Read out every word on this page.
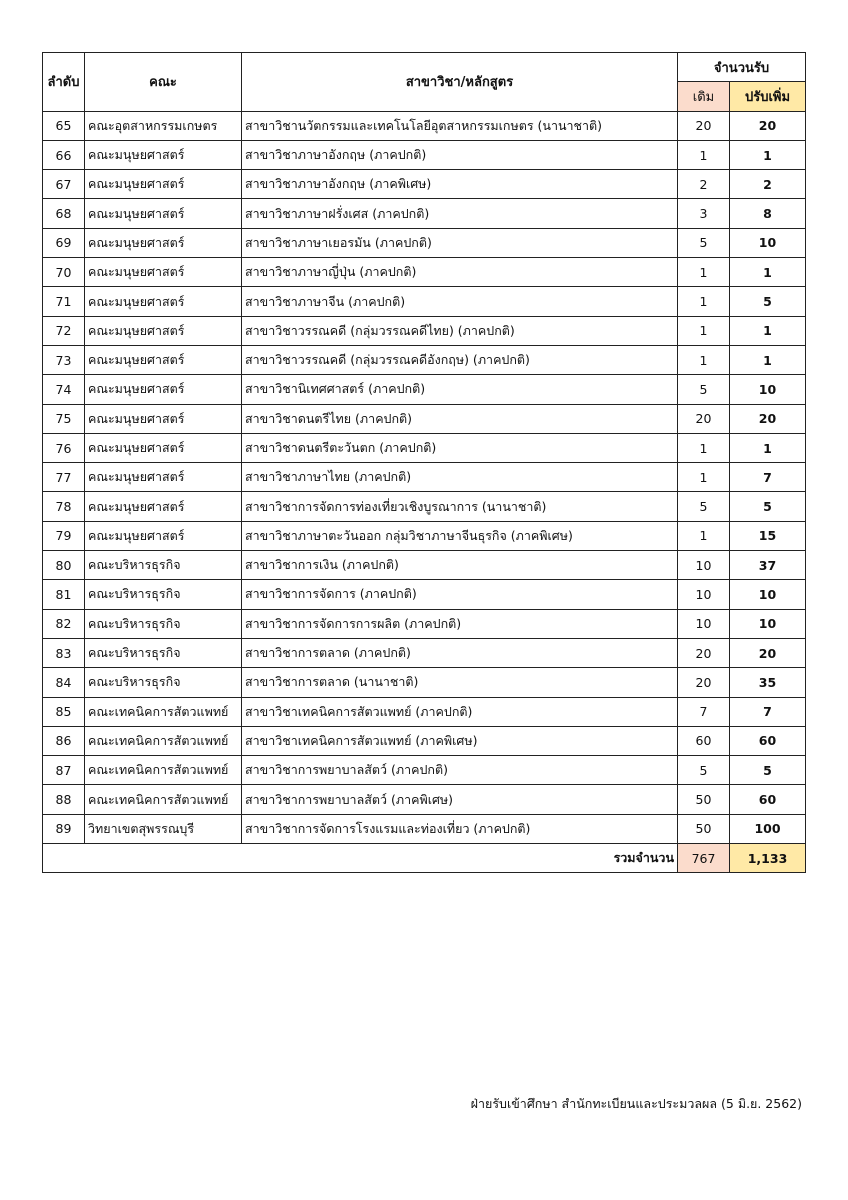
ลำดับ	คณะ	สาขาวิชา/หลักสูตร	จำนวนรับ	
			เดิม	ปรับเพิ่ม
65	คณะอุตสาหกรรมเกษตร	สาขาวิชานวัตกรรมและเทคโนโลยีอุตสาหกรรมเกษตร (นานาชาติ)	20	20
66	คณะมนุษยศาสตร์	สาขาวิชาภาษาอังกฤษ (ภาคปกติ)	1	1
67	คณะมนุษยศาสตร์	สาขาวิชาภาษาอังกฤษ (ภาคพิเศษ)	2	2
68	คณะมนุษยศาสตร์	สาขาวิชาภาษาฝรั่งเศส (ภาคปกติ)	3	8
69	คณะมนุษยศาสตร์	สาขาวิชาภาษาเยอรมัน (ภาคปกติ)	5	10
70	คณะมนุษยศาสตร์	สาขาวิชาภาษาญี่ปุ่น (ภาคปกติ)	1	1
71	คณะมนุษยศาสตร์	สาขาวิชาภาษาจีน (ภาคปกติ)	1	5
72	คณะมนุษยศาสตร์	สาขาวิชาวรรณคดี (กลุ่มวรรณคดีไทย) (ภาคปกติ)	1	1
73	คณะมนุษยศาสตร์	สาขาวิชาวรรณคดี (กลุ่มวรรณคดีอังกฤษ) (ภาคปกติ)	1	1
74	คณะมนุษยศาสตร์	สาขาวิชานิเทศศาสตร์ (ภาคปกติ)	5	10
75	คณะมนุษยศาสตร์	สาขาวิชาดนตรีไทย (ภาคปกติ)	20	20
76	คณะมนุษยศาสตร์	สาขาวิชาดนตรีตะวันตก (ภาคปกติ)	1	1
77	คณะมนุษยศาสตร์	สาขาวิชาภาษาไทย (ภาคปกติ)	1	7
78	คณะมนุษยศาสตร์	สาขาวิชาการจัดการท่องเที่ยวเชิงบูรณาการ (นานาชาติ)	5	5
79	คณะมนุษยศาสตร์	สาขาวิชาภาษาตะวันออก กลุ่มวิชาภาษาจีนธุรกิจ (ภาคพิเศษ)	1	15
80	คณะบริหารธุรกิจ	สาขาวิชาการเงิน (ภาคปกติ)	10	37
81	คณะบริหารธุรกิจ	สาขาวิชาการจัดการ (ภาคปกติ)	10	10
82	คณะบริหารธุรกิจ	สาขาวิชาการจัดการการผลิต (ภาคปกติ)	10	10
83	คณะบริหารธุรกิจ	สาขาวิชาการตลาด (ภาคปกติ)	20	20
84	คณะบริหารธุรกิจ	สาขาวิชาการตลาด (นานาชาติ)	20	35
85	คณะเทคนิคการสัตวแพทย์	สาขาวิชาเทคนิคการสัตวแพทย์ (ภาคปกติ)	7	7
86	คณะเทคนิคการสัตวแพทย์	สาขาวิชาเทคนิคการสัตวแพทย์ (ภาคพิเศษ)	60	60
87	คณะเทคนิคการสัตวแพทย์	สาขาวิชาการพยาบาลสัตว์ (ภาคปกติ)	5	5
88	คณะเทคนิคการสัตวแพทย์	สาขาวิชาการพยาบาลสัตว์ (ภาคพิเศษ)	50	60
89	วิทยาเขตสุพรรณบุรี	สาขาวิชาการจัดการโรงแรมและท่องเที่ยว (ภาคปกติ)	50	100
รวมจำนวน			767	1,133
ฝ่ายรับเข้าศึกษา สำนักทะเบียนและประมวลผล (5 มิ.ย. 2562)
